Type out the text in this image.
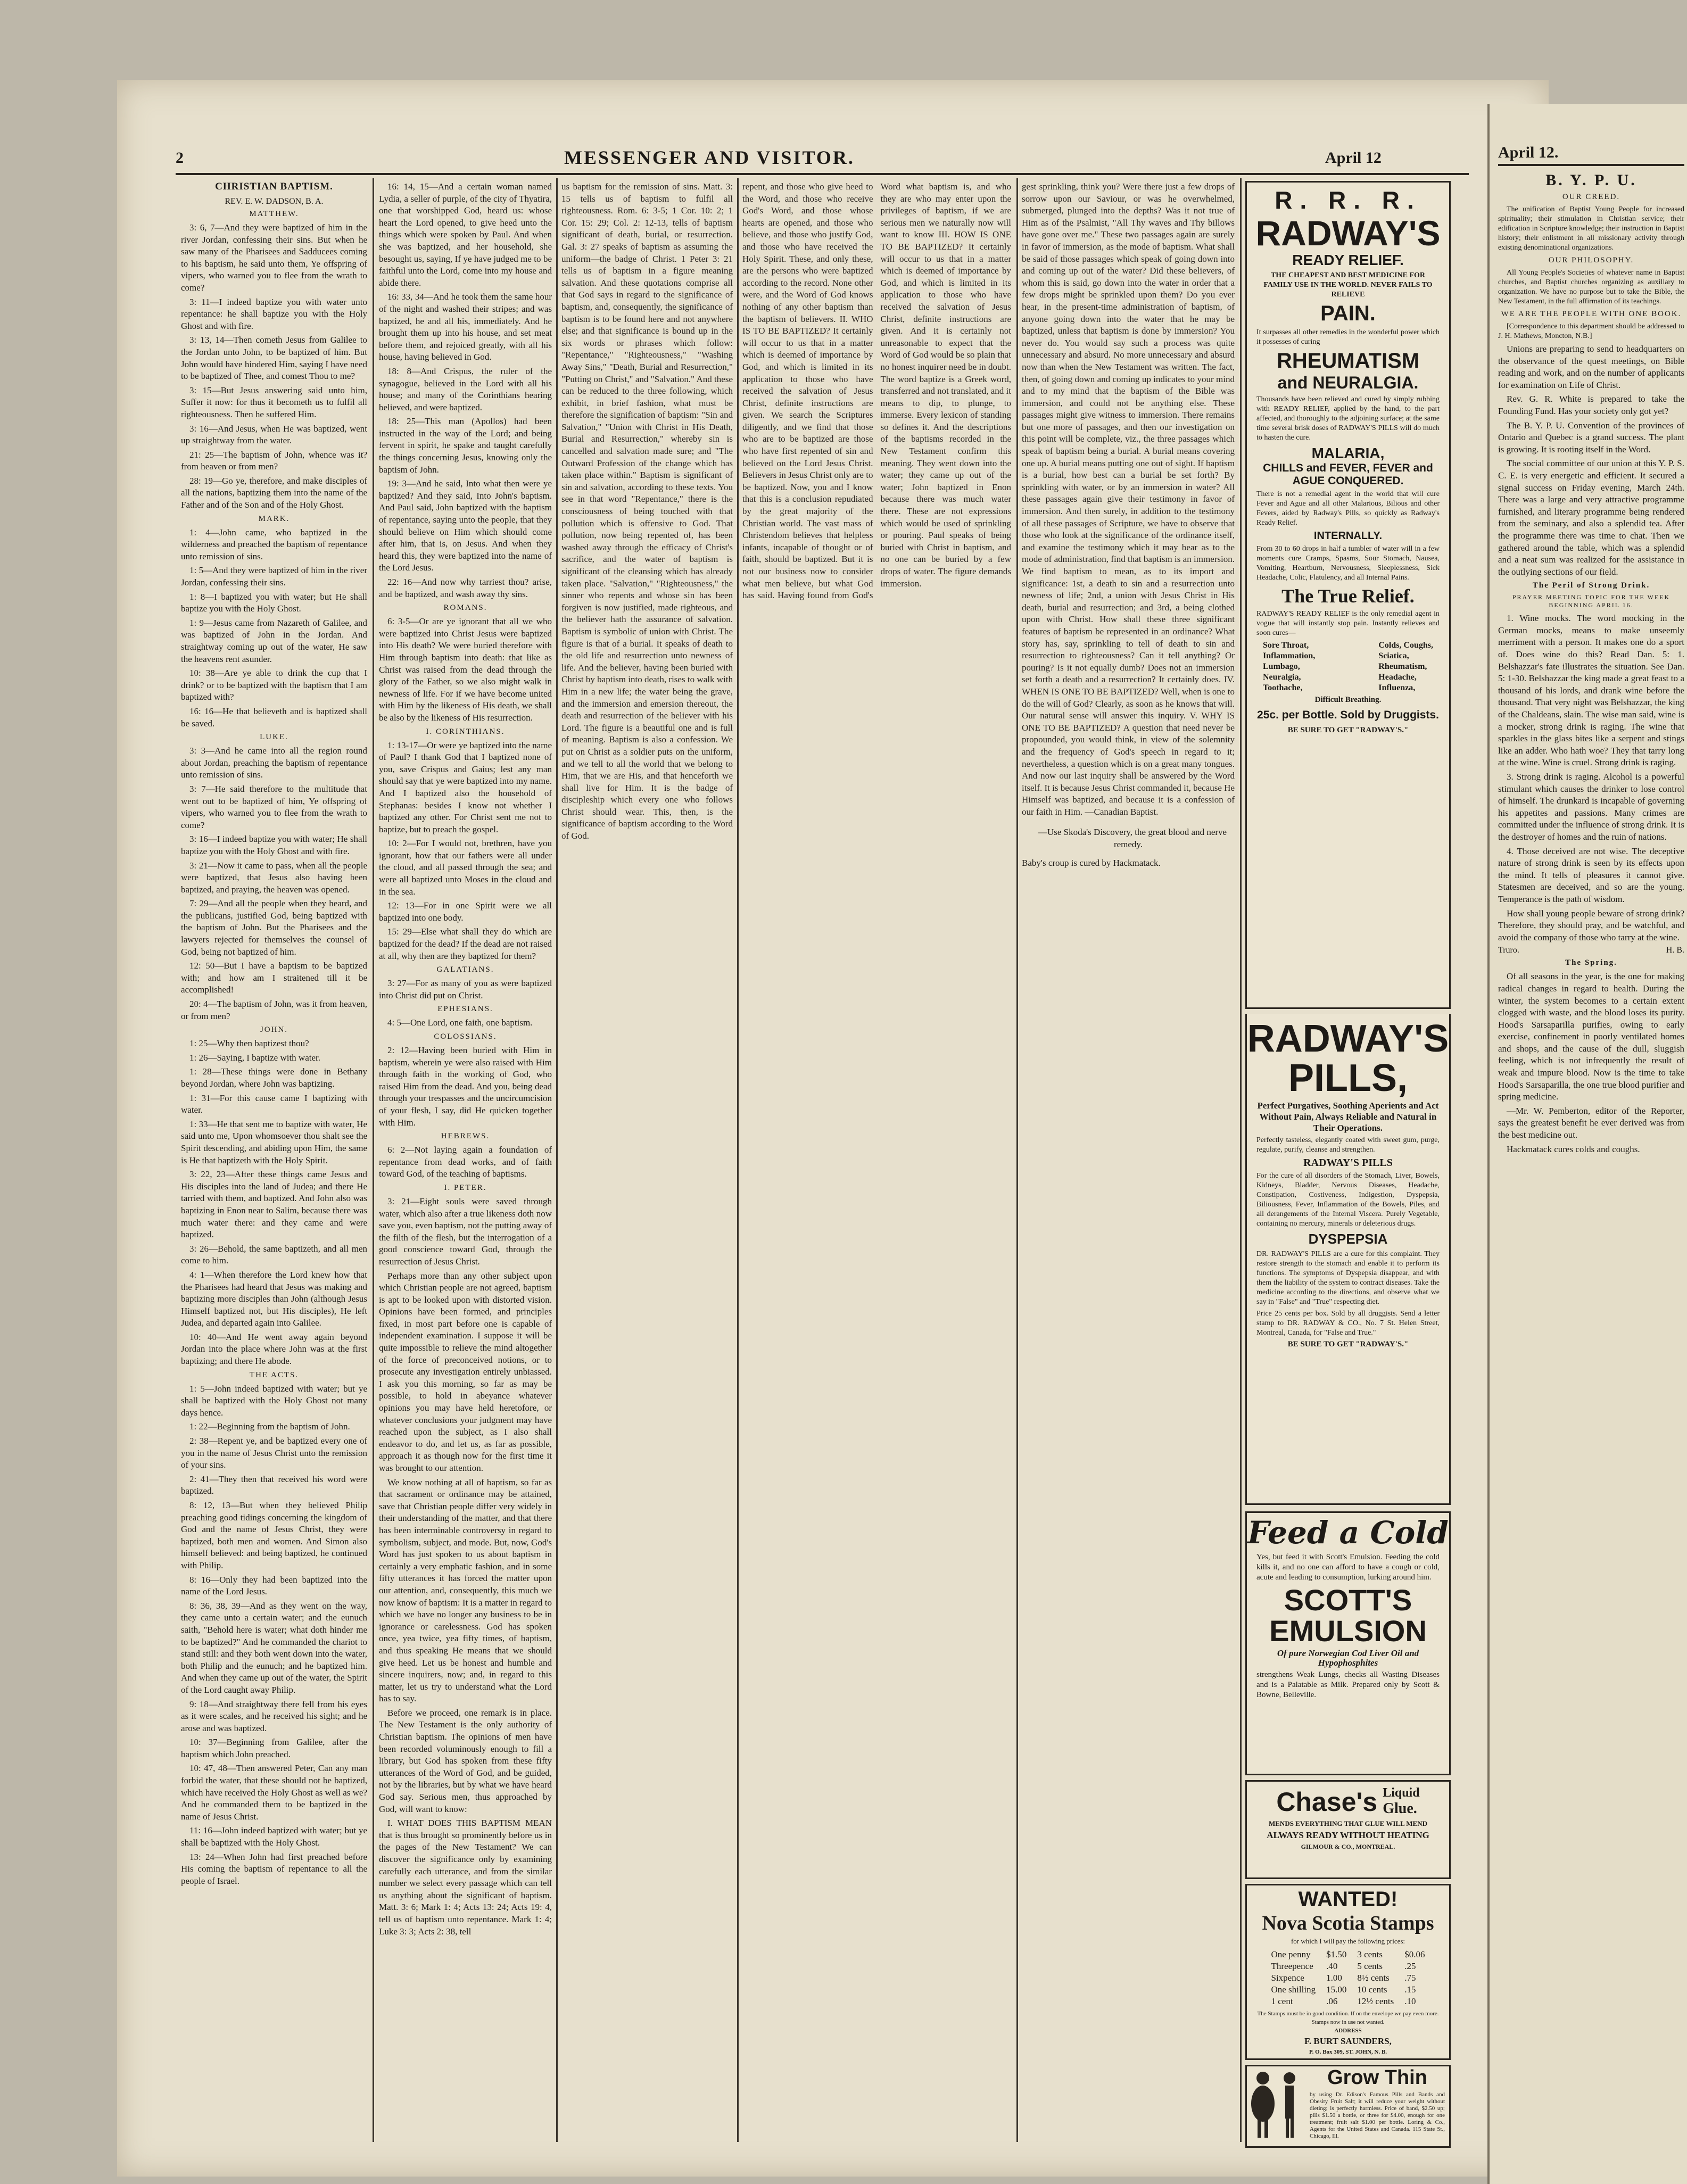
2	MESSENGER AND VISITOR.	April 12
CHRISTIAN BAPTISM.
REV. E. W. DADSON, B. A.
MATTHEW.

3: 6, 7—And they were baptized of him in the river Jordan, confessing their sins. But when he saw many of the Pharisees and Sadducees coming to his baptism, he said unto them, Ye offspring of vipers, who warned you to flee from the wrath to come?

3: 11—I indeed baptize you with water unto repentance: he shall baptize you with the Holy Ghost and with fire.

3: 13, 14—Then cometh Jesus from Galilee to the Jordan unto John, to be baptized of him. But John would have hindered Him, saying I have need to be baptized of Thee, and comest Thou to me?

3: 15—But Jesus answering said unto him, Suffer it now: for thus it becometh us to fulfil all righteousness. Then he suffered Him.

3: 16—And Jesus, when He was baptized, went up straightway from the water.

21: 25—The baptism of John, whence was it? from heaven or from men?

28: 19—Go ye, therefore, and make disciples of all the nations, baptizing them into the name of the Father and of the Son and of the Holy Ghost.

MARK.

1: 4—John came, who baptized in the wilderness and preached the baptism of repentance unto remission of sins.

1: 5—And they were baptized of him in the river Jordan, confessing their sins.

1: 8—I baptized you with water; but He shall baptize you with the Holy Ghost.

1: 9—Jesus came from Nazareth of Galilee, and was baptized of John in the Jordan. And straightway coming up out of the water, He saw the heavens rent asunder.

10: 38—Are ye able to drink the cup that I drink? or to be baptized with the baptism that I am baptized with?

16: 16—He that believeth and is baptized shall be saved.

LUKE.

3: 3—And he came into all the region round about Jordan, preaching the baptism of repentance unto remission of sins.

3: 7—He said therefore to the multitude that went out to be baptized of him, Ye offspring of vipers, who warned you to flee from the wrath to come?

3: 16—I indeed baptize you with water; He shall baptize you with the Holy Ghost and with fire.

3: 21—Now it came to pass, when all the people were baptized, that Jesus also having been baptized, and praying, the heaven was opened.

7: 29—And all the people when they heard, and the publicans, justified God, being baptized with the baptism of John. But the Pharisees and the lawyers rejected for themselves the counsel of God, being not baptized of him.

12: 50—But I have a baptism to be baptized with; and how am I straitened till it be accomplished!

20: 4—The baptism of John, was it from heaven, or from men?

JOHN.

1: 25—Why then baptizest thou?

1: 26—Saying, I baptize with water.

1: 28—These things were done in Bethany beyond Jordan, where John was baptizing.

1: 31—For this cause came I baptizing with water.

1: 33—He that sent me to baptize with water, He said unto me, Upon whomsoever thou shalt see the Spirit descending, and abiding upon Him, the same is He that baptizeth with the Holy Spirit.

3: 22, 23—After these things came Jesus and His disciples into the land of Judea; and there He tarried with them, and baptized. And John also was baptizing in Enon near to Salim, because there was much water there: and they came and were baptized.

3: 26—Behold, the same baptizeth, and all men come to him.

4: 1—When therefore the Lord knew how that the Pharisees had heard that Jesus was making and baptizing more disciples than John (although Jesus Himself baptized not, but His disciples), He left Judea, and departed again into Galilee.

10: 40—And He went away again beyond Jordan into the place where John was at the first baptizing; and there He abode.

THE ACTS.

1: 5—John indeed baptized with water; but ye shall be baptized with the Holy Ghost not many days hence.

1: 22—Beginning from the baptism of John.

2: 38—Repent ye, and be baptized every one of you in the name of Jesus Christ unto the remission of your sins.

2: 41—They then that received his word were baptized.

8: 12, 13—But when they believed Philip preaching good tidings concerning the kingdom of God and the name of Jesus Christ, they were baptized, both men and women. And Simon also himself believed: and being baptized, he continued with Philip.

8: 16—Only they had been baptized into the name of the Lord Jesus.

8: 36, 38, 39—And as they went on the way, they came unto a certain water; and the eunuch saith, "Behold here is water; what doth hinder me to be baptized?" And he commanded the chariot to stand still: and they both went down into the water, both Philip and the eunuch; and he baptized him. And when they came up out of the water, the Spirit of the Lord caught away Philip.

9: 18—And straightway there fell from his eyes as it were scales, and he received his sight; and he arose and was baptized.

10: 37—Beginning from Galilee, after the baptism which John preached.

10: 47, 48—Then answered Peter, Can any man forbid the water, that these should not be baptized, which have received the Holy Ghost as well as we? And he commanded them to be baptized in the name of Jesus Christ.

11: 16—John indeed baptized with water; but ye shall be baptized with the Holy Ghost.

13: 24—When John had first preached before His coming the baptism of repentance to all the people of Israel.

16: 14, 15—And a certain woman named Lydia, a seller of purple, of the city of Thyatira, one that worshipped God, heard us: whose heart the Lord opened, to give heed unto the things which were spoken by Paul. And when she was baptized, and her household, she besought us, saying, If ye have judged me to be faithful unto the Lord, come into my house and abide there.

16: 33, 34—And he took them the same hour of the night and washed their stripes; and was baptized, he and all his, immediately. And he brought them up into his house, and set meat before them, and rejoiced greatly, with all his house, having believed in God.

18: 8—And Crispus, the ruler of the synagogue, believed in the Lord with all his house; and many of the Corinthians hearing believed, and were baptized.

18: 25—This man (Apollos) had been instructed in the way of the Lord; and being fervent in spirit, he spake and taught carefully the things concerning Jesus, knowing only the baptism of John.

19: 3—And he said, Into what then were ye baptized? And they said, Into John's baptism. And Paul said, John baptized with the baptism of repentance, saying unto the people, that they should believe on Him which should come after him, that is, on Jesus. And when they heard this, they were baptized into the name of the Lord Jesus.

22: 16—And now why tarriest thou? arise, and be baptized, and wash away thy sins.

ROMANS.

6: 3-5—Or are ye ignorant that all we who were baptized into Christ Jesus were baptized into His death? We were buried therefore with Him through baptism into death: that like as Christ was raised from the dead through the glory of the Father, so we also might walk in newness of life. For if we have become united with Him by the likeness of His death, we shall be also by the likeness of His resurrection.

I. CORINTHIANS.

1: 13-17—Or were ye baptized into the name of Paul? I thank God that I baptized none of you, save Crispus and Gaius; lest any man should say that ye were baptized into my name. And I baptized also the household of Stephanas: besides I know not whether I baptized any other. For Christ sent me not to baptize, but to preach the gospel.

10: 2—For I would not, brethren, have you ignorant, how that our fathers were all under the cloud, and all passed through the sea; and were all baptized unto Moses in the cloud and in the sea.

12: 13—For in one Spirit were we all baptized into one body.

15: 29—Else what shall they do which are baptized for the dead? If the dead are not raised at all, why then are they baptized for them?

GALATIANS.

3: 27—For as many of you as were baptized into Christ did put on Christ.

EPHESIANS.

4: 5—One Lord, one faith, one baptism.

COLOSSIANS.

2: 12—Having been buried with Him in baptism, wherein ye were also raised with Him through faith in the working of God, who raised Him from the dead. And you, being dead through your trespasses and the uncircumcision of your flesh, I say, did He quicken together with Him.

HEBREWS.

6: 2—Not laying again a foundation of repentance from dead works, and of faith toward God, of the teaching of baptisms.

I. PETER.

3: 21—Eight souls were saved through water, which also after a true likeness doth now save you, even baptism, not the putting away of the filth of the flesh, but the interrogation of a good conscience toward God, through the resurrection of Jesus Christ.

Perhaps more than any other subject upon which Christian people are not agreed, baptism is apt to be looked upon with distorted vision. Opinions have been formed, and principles fixed, in most part before one is capable of independent examination. I suppose it will be quite impossible to relieve the mind altogether of the force of preconceived notions, or to prosecute any investigation entirely unbiassed. I ask you this morning, so far as may be possible, to hold in abeyance whatever opinions you may have held heretofore, or whatever conclusions your judgment may have reached upon the subject, as I also shall endeavor to do, and let us, as far as possible, approach it as though now for the first time it was brought to our attention.

We know nothing at all of baptism, so far as that sacrament or ordinance may be attained, save that Christian people differ very widely in their understanding of the matter, and that there has been interminable controversy in regard to symbolism, subject, and mode. But, now, God's Word has just spoken to us about baptism in certainly a very emphatic fashion, and in some fifty utterances it has forced the matter upon our attention, and, consequently, this much we now know of baptism: It is a matter in regard to which we have no longer any business to be in ignorance or carelessness. God has spoken once, yea twice, yea fifty times, of baptism, and thus speaking He means that we should give heed. Let us be honest and humble and sincere inquirers, now; and, in regard to this matter, let us try to understand what the Lord has to say.

Before we proceed, one remark is in place. The New Testament is the only authority of Christian baptism. The opinions of men have been recorded voluminously enough to fill a library, but God has spoken from these fifty utterances of the Word of God, and be guided, not by the libraries, but by what we have heard God say. Serious men, thus approached by God, will want to know:

I. WHAT DOES THIS BAPTISM MEAN that is thus brought so prominently before us in the pages of the New Testament? We can discover the significance only by examining carefully each utterance, and from the similar number we select every passage which can tell us anything about the significant of baptism. Matt. 3: 6; Mark 1: 4; Acts 13: 24; Acts 19: 4, tell us of baptism unto repentance. Mark 1: 4; Luke 3: 3; Acts 2: 38, tell

us baptism for the remission of sins. Matt. 3: 15 tells us of baptism to fulfil all righteousness. Rom. 6: 3-5; 1 Cor. 10: 2; 1 Cor. 15: 29; Col. 2: 12-13, tells of baptism significant of death, burial, or resurrection. Gal. 3: 27 speaks of baptism as assuming the uniform—the badge of Christ. 1 Peter 3: 21 tells us of baptism in a figure meaning salvation. And these quotations comprise all that God says in regard to the significance of baptism, and, consequently, the significance of baptism is to be found here and not anywhere else; and that significance is bound up in the six words or phrases which follow: "Repentance," "Righteousness," "Washing Away Sins," "Death, Burial and Resurrection," "Putting on Christ," and "Salvation." And these can be reduced to the three following, which exhibit, in brief fashion, what must be therefore the signification of baptism: "Sin and Salvation," "Union with Christ in His Death, Burial and Resurrection," whereby sin is cancelled and salvation made sure; and "The Outward Profession of the change which has taken place within." Baptism is significant of sin and salvation, according to these texts. You see in that word "Repentance," there is the consciousness of being touched with that pollution which is offensive to God. That pollution, now being repented of, has been washed away through the efficacy of Christ's sacrifice, and the water of baptism is significant of the cleansing which has already taken place. "Salvation," "Righteousness," the sinner who repents and whose sin has been forgiven is now justified, made righteous, and the believer hath the assurance of salvation. Baptism is symbolic of union with Christ. The figure is that of a burial. It speaks of death to the old life and resurrection unto newness of life. And the believer, having been buried with Christ by baptism into death, rises to walk with Him in a new life; the water being the grave, and the immersion and emersion thereout, the death and resurrection of the believer with his Lord. The figure is a beautiful one and is full of meaning. Baptism is also a confession. We put on Christ as a soldier puts on the uniform, and we tell to all the world that we belong to Him, that we are His, and that henceforth we shall live for Him. It is the badge of discipleship which every one who follows Christ should wear. This, then, is the significance of baptism according to the Word of God.
repent, and those who give heed to the Word, and those who receive God's Word, and those whose hearts are opened, and those who believe, and those who justify God, and those who have received the Holy Spirit. These, and only these, are the persons who were baptized according to the record. None other were, and the Word of God knows nothing of any other baptism than the baptism of believers. II. WHO IS TO BE BAPTIZED? It certainly will occur to us that in a matter which is deemed of importance by God, and which is limited in its application to those who have received the salvation of Jesus Christ, definite instructions are given. We search the Scriptures diligently, and we find that those who are to be baptized are those who have first repented of sin and believed on the Lord Jesus Christ. Believers in Jesus Christ only are to be baptized. Now, you and I know that this is a conclusion repudiated by the great majority of the Christian world. The vast mass of Christendom believes that helpless infants, incapable of thought or of faith, should be baptized. But it is not our business now to consider what men believe, but what God has said. Having found from God's Word what baptism is, and who they are who may enter upon the privileges of baptism, if we are serious men we naturally now will want to know III. HOW IS ONE TO BE BAPTIZED? It certainly will occur to us that in a matter which is deemed of importance by God, and which is limited in its application to those who have received the salvation of Jesus Christ, definite instructions are given. And it is certainly not unreasonable to expect that the Word of God would be so plain that no honest inquirer need be in doubt. The word baptize is a Greek word, transferred and not translated, and it means to dip, to plunge, to immerse. Every lexicon of standing so defines it. And the descriptions of the baptisms recorded in the New Testament confirm this meaning. They went down into the water; they came up out of the water; John baptized in Enon because there was much water there. These are not expressions which would be used of sprinkling or pouring. Paul speaks of being buried with Christ in baptism, and no one can be buried by a few drops of water. The figure demands immersion.
gest sprinkling, think you? Were there just a few drops of sorrow upon our Saviour, or was he overwhelmed, submerged, plunged into the depths? Was it not true of Him as of the Psalmist, "All Thy waves and Thy billows have gone over me." These two passages again are surely in favor of immersion, as the mode of baptism. What shall be said of those passages which speak of going down into and coming up out of the water? Did these believers, of whom this is said, go down into the water in order that a few drops might be sprinkled upon them? Do you ever hear, in the present-time administration of baptism, of anyone going down into the water that he may be baptized, unless that baptism is done by immersion? You never do. You would say such a process was quite unnecessary and absurd. No more unnecessary and absurd now than when the New Testament was written. The fact, then, of going down and coming up indicates to your mind and to my mind that the baptism of the Bible was immersion, and could not be anything else. These passages might give witness to immersion. There remains but one more of passages, and then our investigation on this point will be complete, viz., the three passages which speak of baptism being a burial. A burial means covering one up. A burial means putting one out of sight. If baptism is a burial, how best can a burial be set forth? By sprinkling with water, or by an immersion in water? All these passages again give their testimony in favor of immersion. And then surely, in addition to the testimony of all these passages of Scripture, we have to observe that those who look at the significance of the ordinance itself, and examine the testimony which it may bear as to the mode of administration, find that baptism is an immersion. We find baptism to mean, as to its import and significance: 1st, a death to sin and a resurrection unto newness of life; 2nd, a union with Jesus Christ in His death, burial and resurrection; and 3rd, a being clothed upon with Christ. How shall these three significant features of baptism be represented in an ordinance? What story has, say, sprinkling to tell of death to sin and resurrection to righteousness? Can it tell anything? Or pouring? Is it not equally dumb? Does not an immersion set forth a death and a resurrection? It certainly does. IV. WHEN IS ONE TO BE BAPTIZED? Well, when is one to do the will of God? Clearly, as soon as he knows that will. Our natural sense will answer this inquiry. V. WHY IS ONE TO BE BAPTIZED? A question that need never be propounded, you would think, in view of the solemnity and the frequency of God's speech in regard to it; nevertheless, a question which is on a great many tongues. And now our last inquiry shall be answered by the Word itself. It is because Jesus Christ commanded it, because He Himself was baptized, and because it is a confession of our faith in Him. —Canadian Baptist.

—Use Skoda's Discovery, the great blood and nerve remedy.

Baby's croup is cured by Hackmatack.

R. R. R.
RADWAY'S
READY RELIEF.
THE CHEAPEST AND BEST MEDICINE FOR FAMILY USE IN THE WORLD. NEVER FAILS TO RELIEVE
PAIN.
It surpasses all other remedies in the wonderful power which it possesses of curing
RHEUMATISM
and NEURALGIA.
Thousands have been relieved and cured by simply rubbing with READY RELIEF, applied by the hand, to the part affected, and thoroughly to the adjoining surface; at the same time several brisk doses of RADWAY'S PILLS will do much to hasten the cure.
MALARIA,
CHILLS and FEVER, FEVER and AGUE CONQUERED.
There is not a remedial agent in the world that will cure Fever and Ague and all other Malarious, Bilious and other Fevers, aided by Radway's Pills, so quickly as Radway's Ready Relief.
INTERNALLY.
From 30 to 60 drops in half a tumbler of water will in a few moments cure Cramps, Spasms, Sour Stomach, Nausea, Vomiting, Heartburn, Nervousness, Sleeplessness, Sick Headache, Colic, Flatulency, and all Internal Pains.
The True Relief.
RADWAY'S READY RELIEF is the only remedial agent in vogue that will instantly stop pain. Instantly relieves and soon cures—
Sore Throat,
Inflammation,
Lumbago,
Neuralgia,
Toothache,
Colds, Coughs,
Sciatica,
Rheumatism,
Headache,
Influenza,
Difficult Breathing.
25c. per Bottle. Sold by Druggists.
BE SURE TO GET "RADWAY'S."
RADWAY'S
PILLS,
Perfect Purgatives, Soothing Aperients and Act Without Pain, Always Reliable and Natural in Their Operations.
Perfectly tasteless, elegantly coated with sweet gum, purge, regulate, purify, cleanse and strengthen.
RADWAY'S PILLS
For the cure of all disorders of the Stomach, Liver, Bowels, Kidneys, Bladder, Nervous Diseases, Headache, Constipation, Costiveness, Indigestion, Dyspepsia, Biliousness, Fever, Inflammation of the Bowels, Piles, and all derangements of the Internal Viscera. Purely Vegetable, containing no mercury, minerals or deleterious drugs.
DYSPEPSIA
DR. RADWAY'S PILLS are a cure for this complaint. They restore strength to the stomach and enable it to perform its functions. The symptoms of Dyspepsia disappear, and with them the liability of the system to contract diseases. Take the medicine according to the directions, and observe what we say in "False" and "True" respecting diet.
Price 25 cents per box. Sold by all druggists. Send a letter stamp to DR. RADWAY & CO., No. 7 St. Helen Street, Montreal, Canada, for "False and True."
BE SURE TO GET "RADWAY'S."
Feed a Cold
Yes, but feed it with Scott's Emulsion. Feeding the cold kills it, and no one can afford to have a cough or cold, acute and leading to consumption, lurking around him.
SCOTT'S
EMULSION
Of pure Norwegian Cod Liver Oil and Hypophosphites
strengthens Weak Lungs, checks all Wasting Diseases and is a Palatable as Milk. Prepared only by Scott & Bowne, Belleville.
Chase's Liquid
Glue.
MENDS EVERYTHING THAT GLUE WILL MEND
ALWAYS READY WITHOUT HEATING
GILMOUR & CO., MONTREAL.
WANTED!
Nova Scotia Stamps
for which I will pay the following prices:
One penny	$1.50	3 cents	$0.06
Threepence	.40	5 cents	.25
Sixpence	1.00	8½ cents	.75
One shilling	15.00	10 cents	.15
1 cent	.06	12½ cents	.10
The Stamps must be in good condition. If on the envelope we pay even more.
Stamps now in use not wanted.
ADDRESS
F. BURT SAUNDERS,
P. O. Box 309, ST. JOHN, N. B.
Grow Thin
by using Dr. Edison's Famous Pills and Bands and Obesity Fruit Salt; it will reduce your weight without dieting; is perfectly harmless. Price of band, $2.50 up; pills $1.50 a bottle, or three for $4.00, enough for one treatment; fruit salt $1.00 per bottle. Loring & Co., Agents for the United States and Canada. 115 State St., Chicago, Ill.
April 12.
B. Y. P. U.
OUR CREED.

The unification of Baptist Young People for increased spirituality; their stimulation in Christian service; their edification in Scripture knowledge; their instruction in Baptist history; their enlistment in all missionary activity through existing denominational organizations.

OUR PHILOSOPHY.

All Young People's Societies of whatever name in Baptist churches, and Baptist churches organizing as auxiliary to organization. We have no purpose but to take the Bible, the New Testament, in the full affirmation of its teachings.

WE ARE THE PEOPLE WITH ONE BOOK.

[Correspondence to this department should be addressed to J. H. Mathews, Moncton, N.B.]

Unions are preparing to send to headquarters on the observance of the quest meetings, on Bible reading and work, and on the number of applicants for examination on Life of Christ.

Rev. G. R. White is prepared to take the Founding Fund. Has your society only got yet?

The B. Y. P. U. Convention of the provinces of Ontario and Quebec is a grand success. The plant is growing. It is rooting itself in the Word.

The social committee of our union at this Y. P. S. C. E. is very energetic and efficient. It secured a signal success on Friday evening, March 24th. There was a large and very attractive programme furnished, and literary programme being rendered from the seminary, and also a splendid tea. After the programme there was time to chat. Then we gathered around the table, which was a splendid and a neat sum was realized for the assistance in the outlying sections of our field.

The Peril of Strong Drink.
PRAYER MEETING TOPIC FOR THE WEEK BEGINNING APRIL 16.

1. Wine mocks. The word mocking in the German mocks, means to make unseemly merriment with a person. It makes one do a sport of. Does wine do this? Read Dan. 5: 1. Belshazzar's fate illustrates the situation. See Dan. 5: 1-30. Belshazzar the king made a great feast to a thousand of his lords, and drank wine before the thousand. That very night was Belshazzar, the king of the Chaldeans, slain. The wise man said, wine is a mocker, strong drink is raging. The wine that sparkles in the glass bites like a serpent and stings like an adder. Who hath woe? They that tarry long at the wine. Wine is cruel. Strong drink is raging.

3. Strong drink is raging. Alcohol is a powerful stimulant which causes the drinker to lose control of himself. The drunkard is incapable of governing his appetites and passions. Many crimes are committed under the influence of strong drink. It is the destroyer of homes and the ruin of nations.

4. Those deceived are not wise. The deceptive nature of strong drink is seen by its effects upon the mind. It tells of pleasures it cannot give. Statesmen are deceived, and so are the young. Temperance is the path of wisdom.

How shall young people beware of strong drink? Therefore, they should pray, and be watchful, and avoid the company of those who tarry at the wine.

Truro.	H. B.
The Spring.

Of all seasons in the year, is the one for making radical changes in regard to health. During the winter, the system becomes to a certain extent clogged with waste, and the blood loses its purity. Hood's Sarsaparilla purifies, owing to early exercise, confinement in poorly ventilated homes and shops, and the cause of the dull, sluggish feeling, which is not infrequently the result of weak and impure blood. Now is the time to take Hood's Sarsaparilla, the one true blood purifier and spring medicine.

—Mr. W. Pemberton, editor of the Reporter, says the greatest benefit he ever derived was from the best medicine out.

Hackmatack cures colds and coughs.
